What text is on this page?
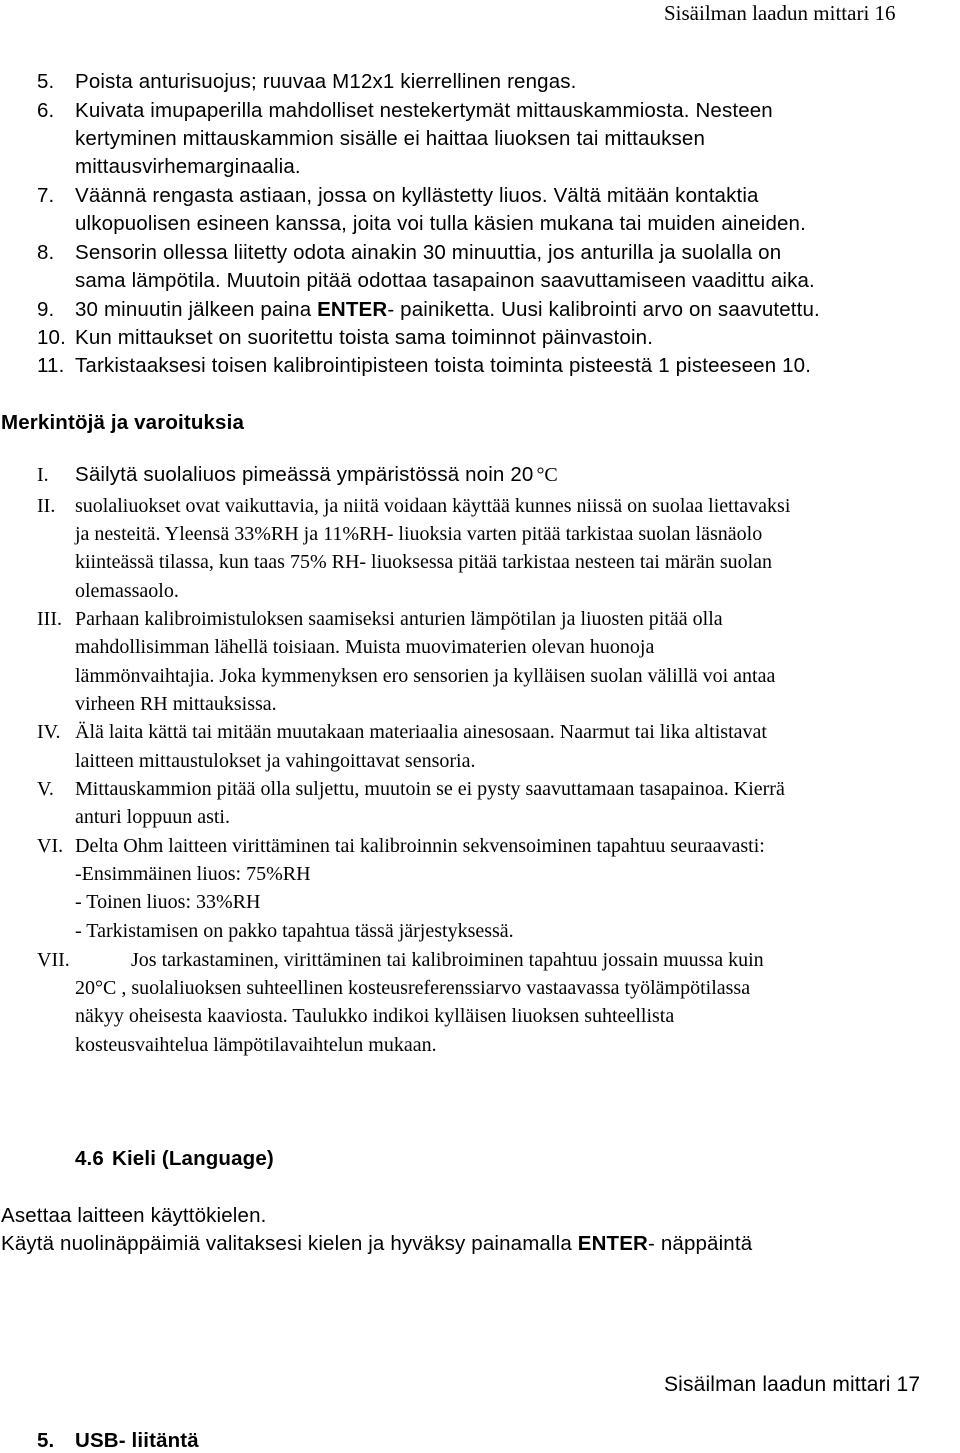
Sisäilman laadun mittari 16
5. Poista anturisuojus; ruuvaa M12x1 kierrellinen rengas.
6. Kuivata imupaperilla mahdolliset nestekertymät mittauskammiosta. Nesteen
kertyminen mittauskammion sisälle ei haittaa liuoksen tai mittauksen
mittausvirhemarginaalia.
7. Väännä rengasta astiaan, jossa on kyllästetty liuos. Vältä mitään kontaktia
ulkopuolisen esineen kanssa, joita voi tulla käsien mukana tai muiden aineiden.
8. Sensorin ollessa liitetty odota ainakin 30 minuuttia, jos anturilla ja suolalla on
sama lämpötila. Muutoin pitää odottaa tasapainon saavuttamiseen vaadittu aika.
9. 30 minuutin jälkeen paina ENTER- painiketta. Uusi kalibrointi arvo on saavutettu.
10. Kun mittaukset on suoritettu toista sama toiminnot päinvastoin.
11. Tarkistaaksesi toisen kalibrointipisteen toista toiminta pisteestä 1 pisteeseen 10.
Merkintöjä ja varoituksia
I. Säilytä suolaliuos pimeässä ympäristössä noin 20 °C
II. suolaliuokset ovat vaikuttavia, ja niitä voidaan käyttää kunnes niissä on suolaa liettavaksi
ja nesteitä. Yleensä 33%RH ja 11%RH- liuoksia varten pitää tarkistaa suolan läsnäolo
kiinteässä tilassa, kun taas 75% RH- liuoksessa pitää tarkistaa nesteen tai märän suolan
olemassaolo.
III. Parhaan kalibroimistuloksen saamiseksi anturien lämpötilan ja liuosten pitää olla
mahdollisimman lähellä toisiaan. Muista muovimaterien olevan huonoja
lämmönvaihtajia. Joka kymmenyksen ero sensorien ja kylläisen suolan välillä voi antaa
virheen RH mittauksissa.
IV. Älä laita kättä tai mitään muutakaan materiaalia ainesosaan. Naarmut tai lika altistavat
laitteen mittaustulokset ja vahingoittavat sensoria.
V. Mittauskammion pitää olla suljettu, muutoin se ei pysty saavuttamaan tasapainoa. Kierrä
anturi loppuun asti.
VI. Delta Ohm laitteen virittäminen tai kalibroinnin sekvensoiminen tapahtuu seuraavasti:
-Ensimmäinen liuos: 75%RH
- Toinen liuos: 33%RH
- Tarkistamisen on pakko tapahtua tässä järjestyksessä.
VII.	Jos tarkastaminen, virittäminen tai kalibroiminen tapahtuu jossain muussa kuin
20°C , suolaliuoksen suhteellinen kosteusreferenssiarvo vastaavassa työlämpötilassa
näkyy oheisesta kaaviosta. Taulukko indikoi kylläisen liuoksen suhteellista
kosteusvaihtelua lämpötilavaihtelun mukaan.
4.6 Kieli (Language)
Asettaa laitteen käyttökielen.
Käytä nuolinäppäimiä valitaksesi kielen ja hyväksy painamalla ENTER- näppäintä
Sisäilman laadun mittari 17
5. USB- liitäntä
